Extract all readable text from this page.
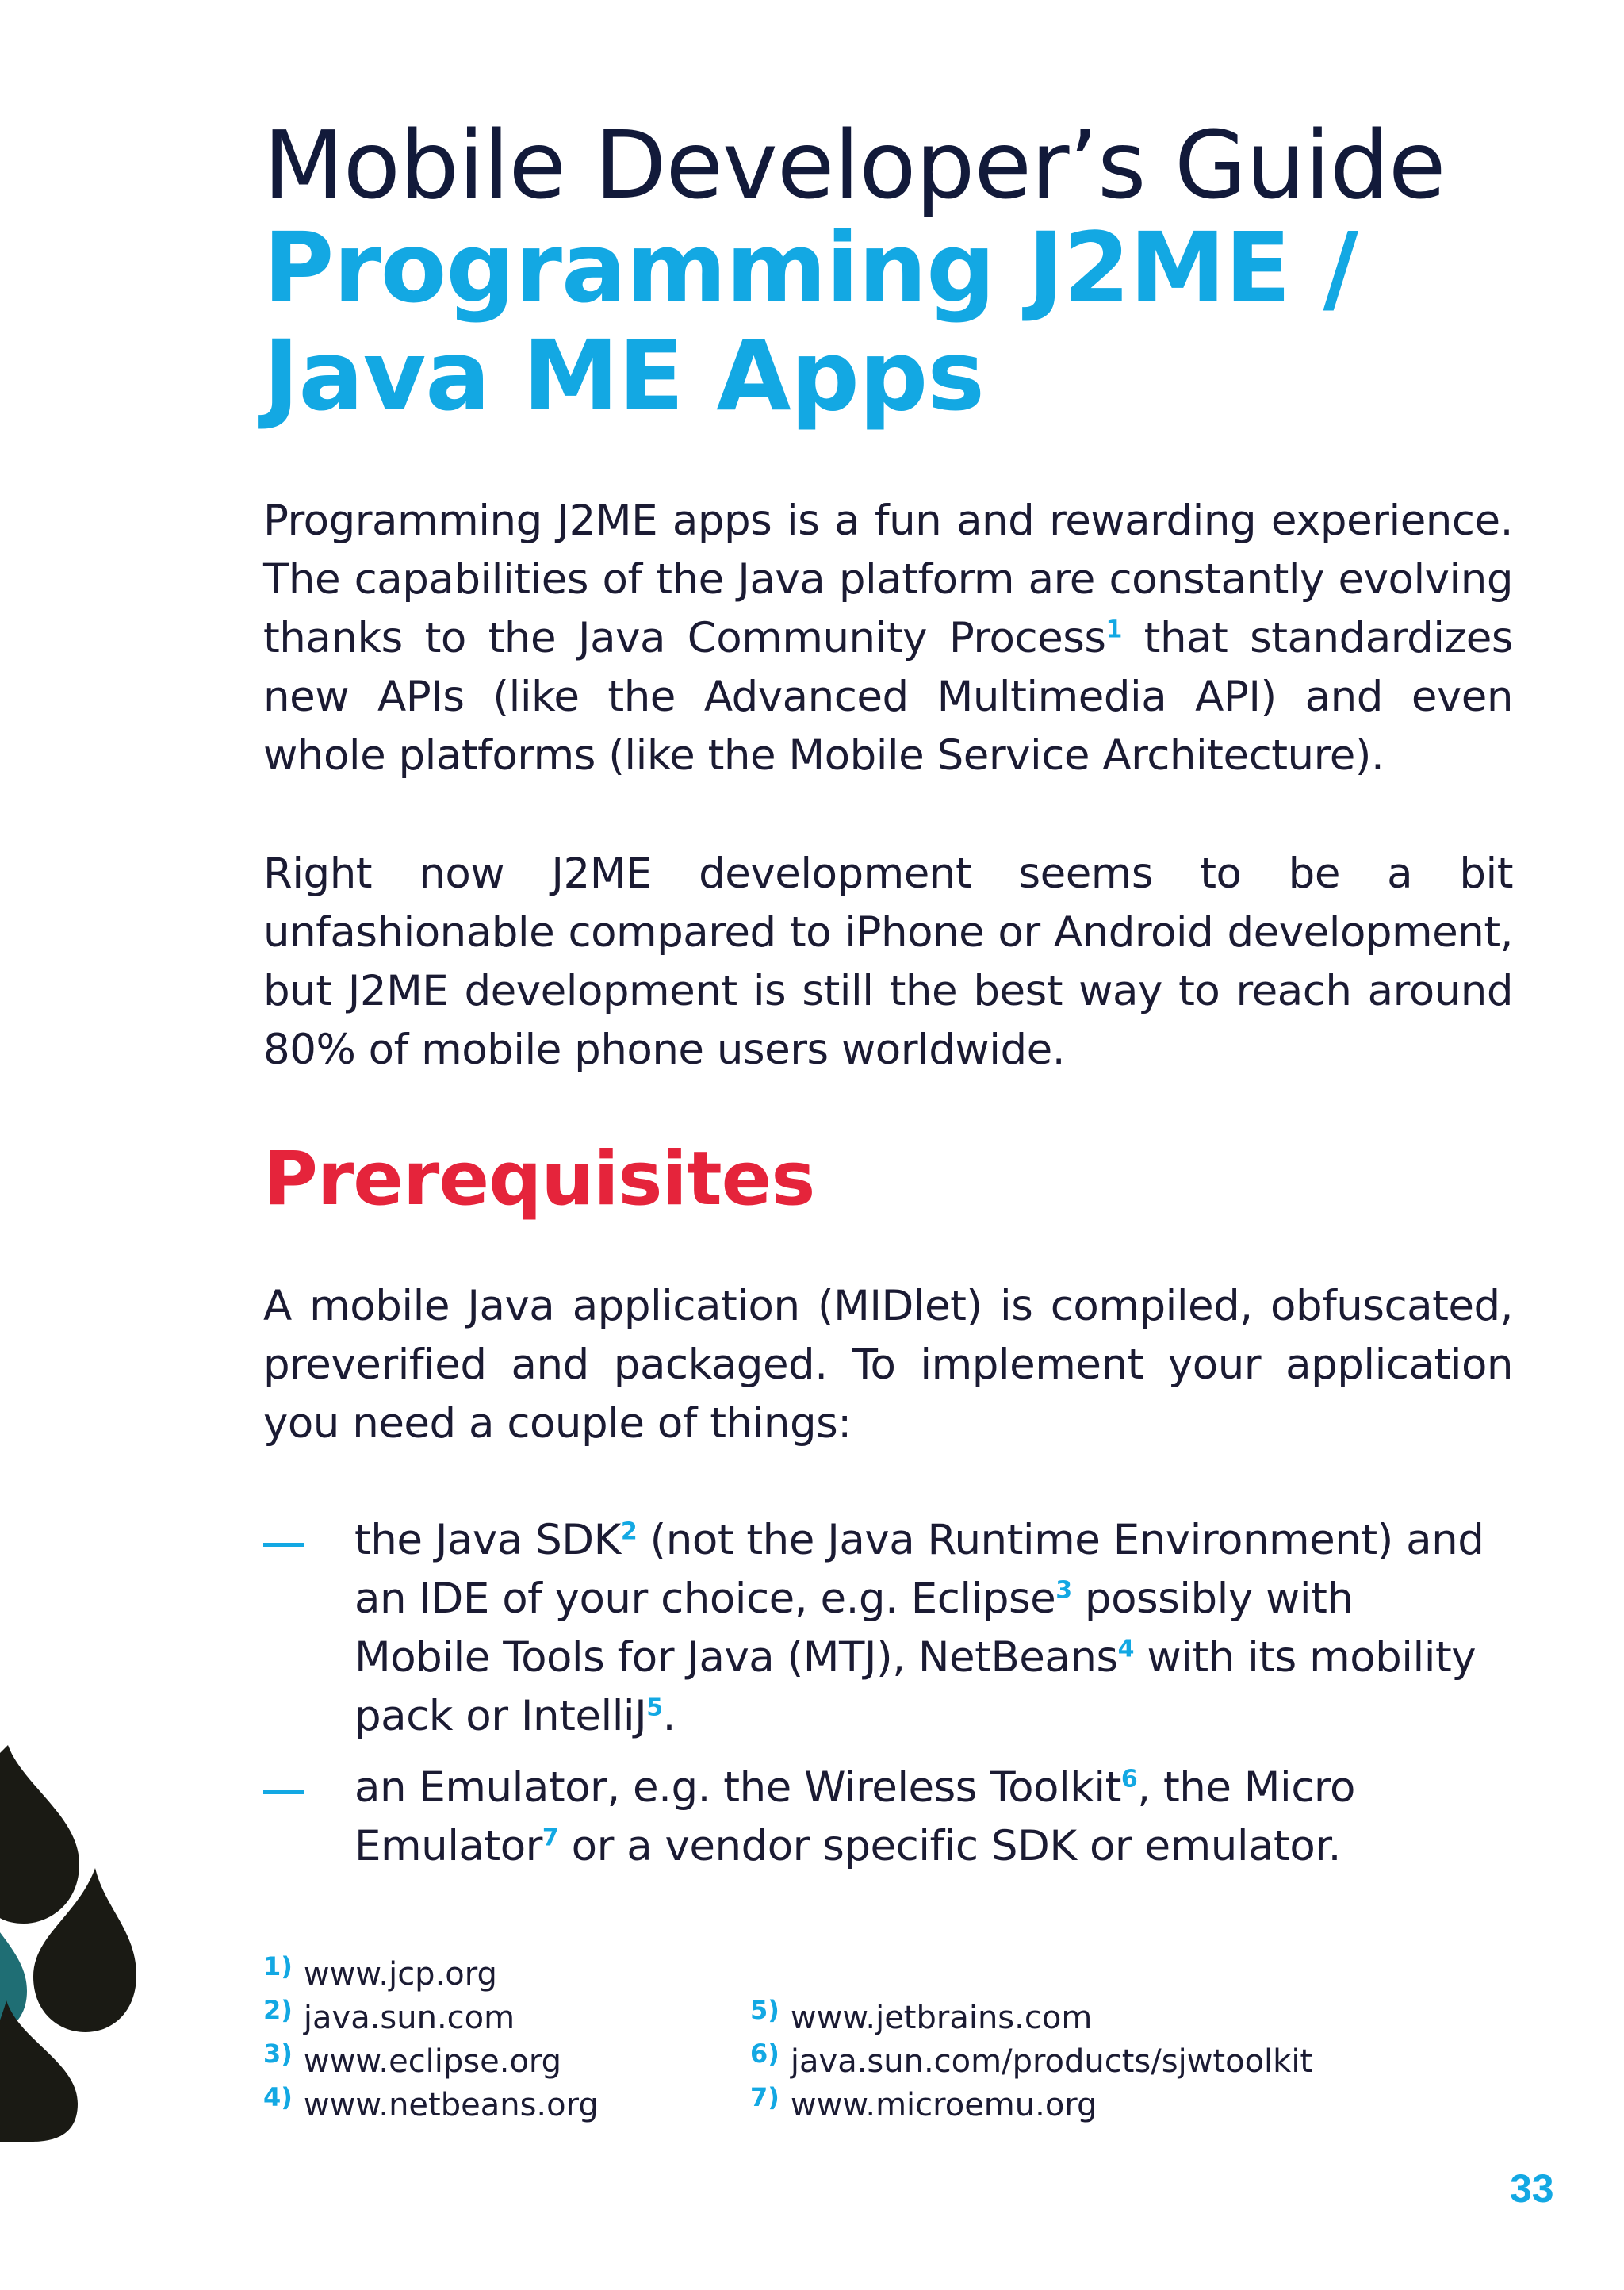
Mobile Developer’s Guide
Programming J2ME / Java ME Apps
Programming J2ME apps is a fun and rewarding experience. The capabilities of the Java platform are constantly evolving thanks to the Java Community Process$^1$ that standardizes new APIs (like the Advanced Multimedia API) and even whole platforms (like the Mobile Service Architecture).
Right now J2ME development seems to be a bit unfashionable compared to iPhone or Android development, but J2ME development is still the best way to reach around 80% of mobile phone users worldwide.
Prerequisites
A mobile Java application (MIDlet) is compiled, obfuscated, preverified and packaged. To implement your application you need a couple of things:
the Java SDK$^2$ (not the Java Runtime Environment) and an IDE of your choice, e.g. Eclipse$^3$ possibly with Mobile Tools for Java (MTJ), NetBeans$^4$ with its mobility pack or IntelliJ$^5$.
an Emulator, e.g. the Wireless Toolkit$^6$, the Micro Emulator$^7$ or a vendor specific SDK or emulator.
$^{1)}$ www.jcp.org
$^{2)}$ java.sun.com
$^{3)}$ www.eclipse.org
$^{4)}$ www.netbeans.org
$^{5)}$ www.jetbrains.com
$^{6)}$ java.sun.com/products/sjwtoolkit
$^{7)}$ www.microemu.org
33
